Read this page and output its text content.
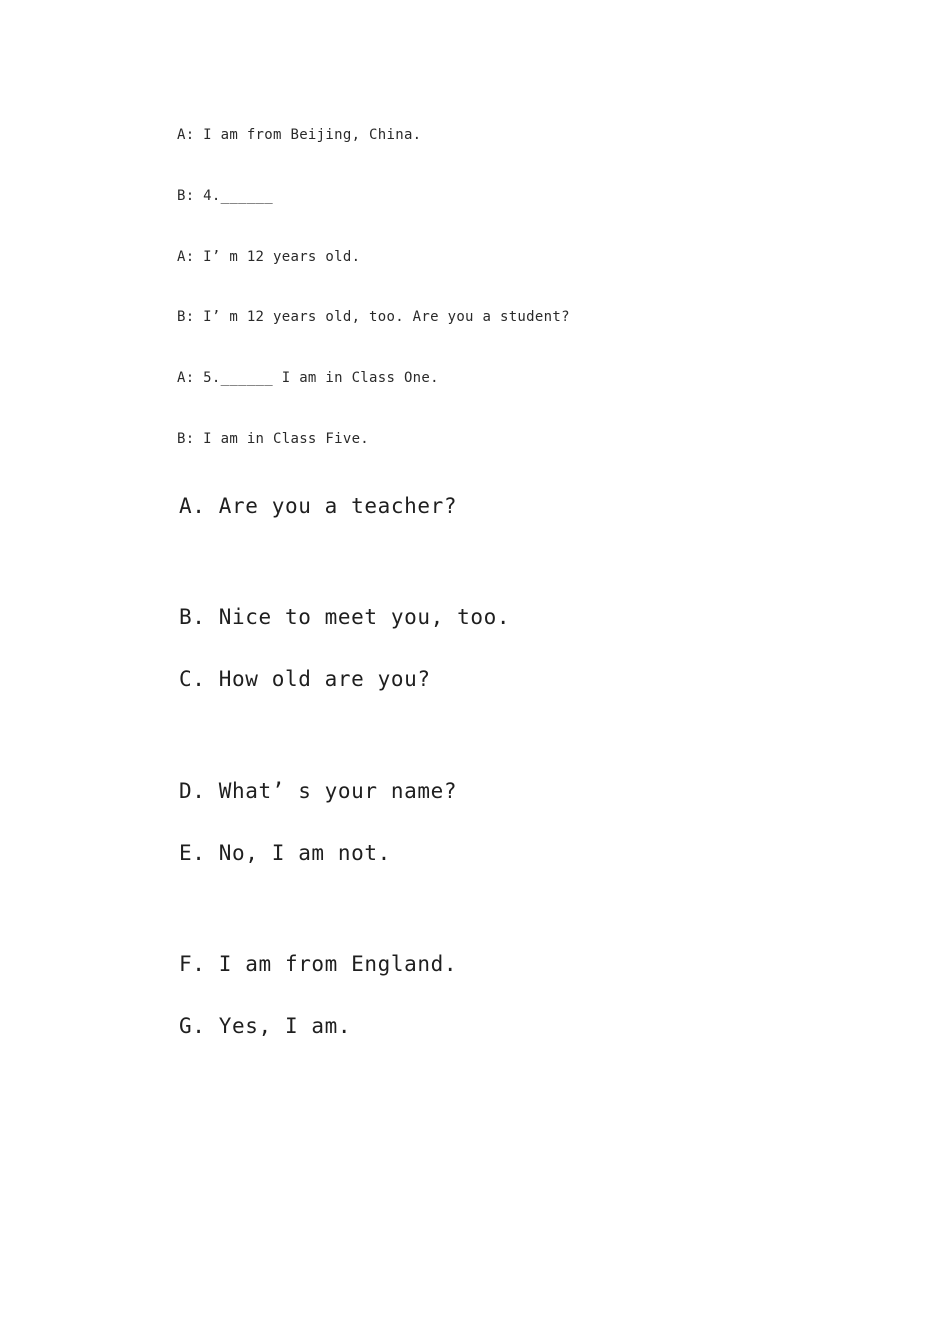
A: I am from Beijing, China.
B: 4.______
A: I’ m 12 years old.
B: I’ m 12 years old, too. Are you a student?
A: 5.______ I am in Class One.
B: I am in Class Five.
A. Are you a teacher?
B. Nice to meet you, too.
C. How old are you?
D. What’ s your name?
E. No, I am not.
F. I am from England.
G. Yes, I am.
